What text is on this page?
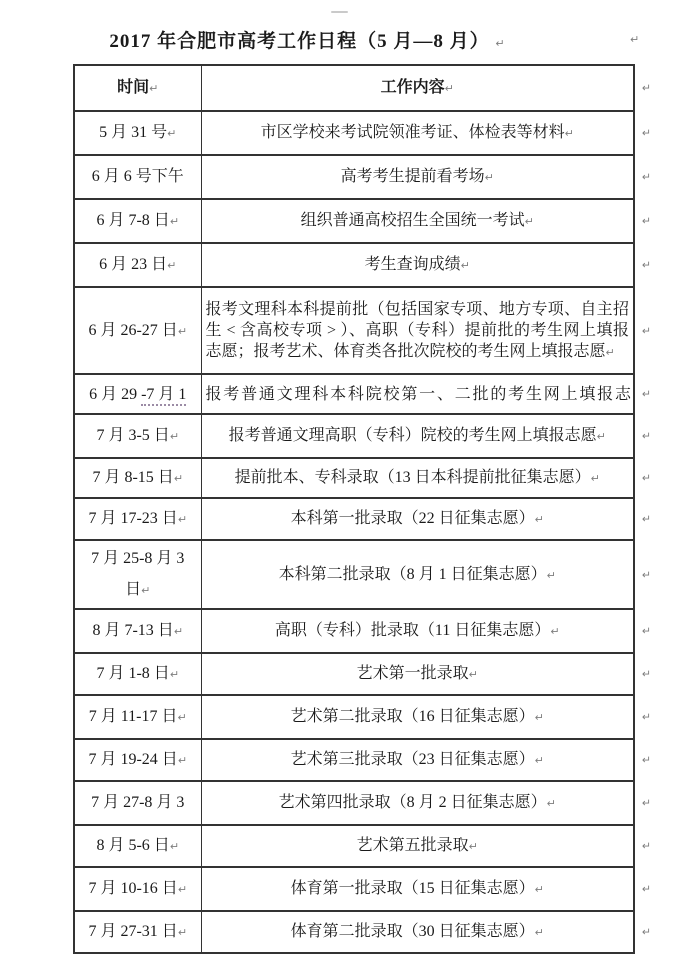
2017 年合肥市高考工作日程（5 月—8 月） ↵	↵
时间↵	工作内容↵ ↵

5 月 31 号↵	市区学校来考试院领准考证、体检表等材料↵ ↵

6 月 6 号下午	高考考生提前看考场↵ ↵

6 月 7-8 日↵	组织普通高校招生全国统一考试↵ ↵

6 月 23 日↵	考生查询成绩↵ ↵

6 月 26-27 日↵	报考文理科本科提前批（包括国家专项、地方专项、自主招生 < 含高校专项 > ）、高职（专科）提前批的考生网上填报志愿；报考艺术、体育类各批次院校的考生网上填报志愿↵
↵

6 月 29 -7 月 1	报考普通文理科本科院校第一、二批的考生网上填报志 ↵

7 月 3-5 日↵	报考普通文理高职（专科）院校的考生网上填报志愿↵ ↵

7 月 8-15 日↵	提前批本、专科录取（13 日本科提前批征集志愿）↵ ↵

7 月 17-23 日↵	本科第一批录取（22 日征集志愿）↵ ↵

7 月 25-8 月 3
日↵
	本科第二批录取（8 月 1 日征集志愿）↵	↵

8 月 7-13 日↵	高职（专科）批录取（11 日征集志愿）↵ ↵

7 月 1-8 日↵	艺术第一批录取↵ ↵

7 月 11-17 日↵	艺术第二批录取（16 日征集志愿）↵ ↵

7 月 19-24 日↵	艺术第三批录取（23 日征集志愿）↵ ↵

7 月 27-8 月 3	艺术第四批录取（8 月 2 日征集志愿）↵ ↵

8 月 5-6 日↵	艺术第五批录取↵ ↵

7 月 10-16 日↵	体育第一批录取（15 日征集志愿）↵ ↵

7 月 27-31 日↵	体育第二批录取（30 日征集志愿）↵ ↵
